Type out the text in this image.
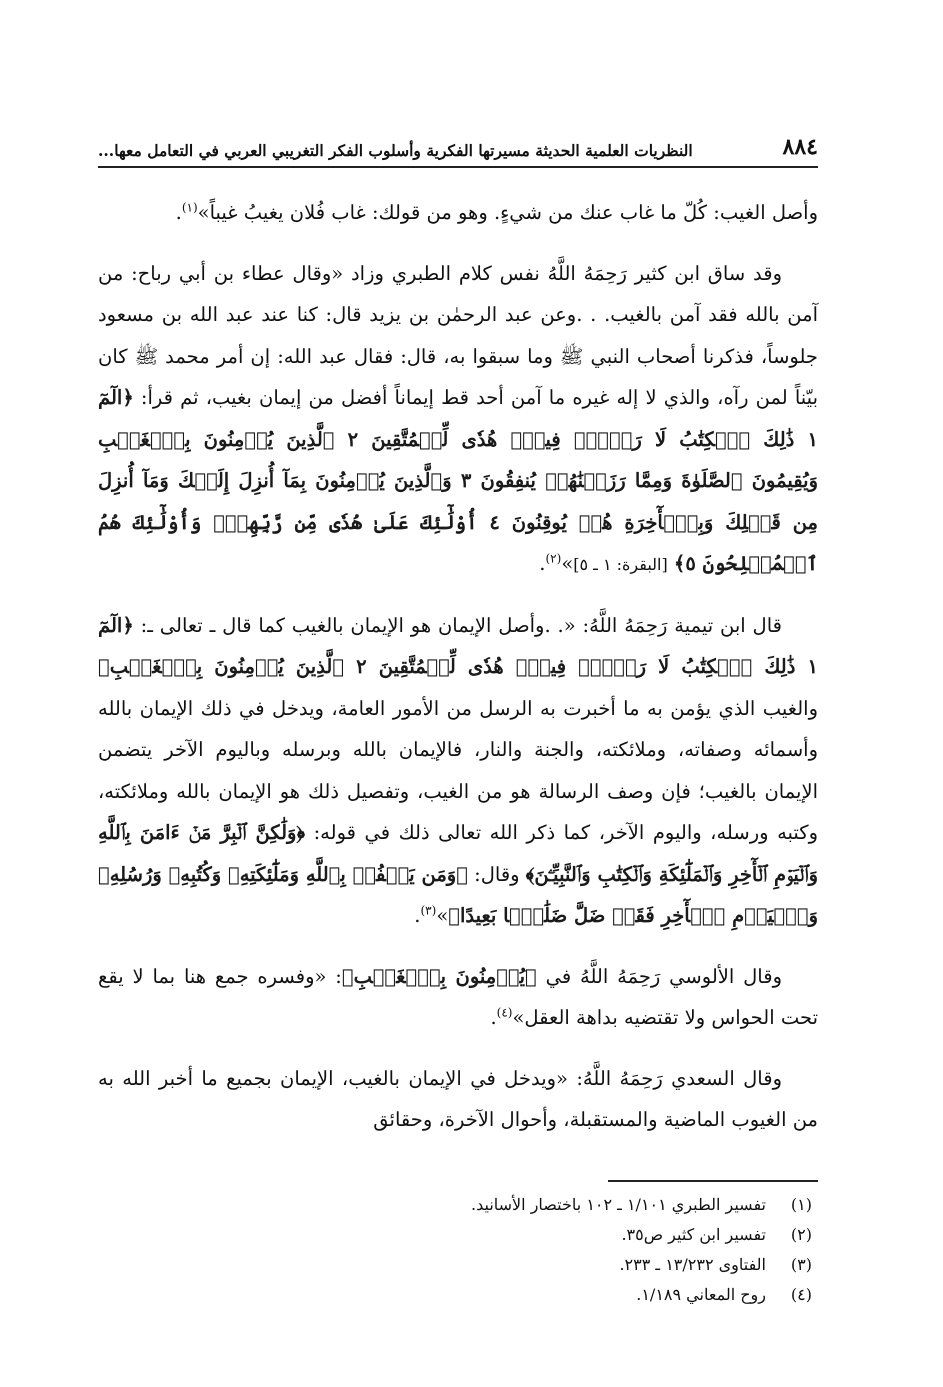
٨٨٤
النظريات العلمية الحديثة مسيرتها الفكرية وأسلوب الفكر التغريبي العربي في التعامل معها...

وأصل الغيب: كُلّ ما غاب عنك من شيءٍ. وهو من قولك: غاب فُلان يغيبُ غيباً»$^{(١)}$.

وقد ساق ابن كثير رَحِمَهُ اللَّهُ نفس كلام الطبري وزاد «وقال عطاء بن أبي رباح: من آمن بالله فقد آمن بالغيب. . .وعن عبد الرحمٰن بن يزيد قال: كنا عند عبد الله بن مسعود جلوساً، فذكرنا أصحاب النبي ﷺ وما سبقوا به، قال: فقال عبد الله: إن أمر محمد ﷺ كان بيّناً لمن رآه، والذي لا إله غيره ما آمن أحد قط إيماناً أفضل من إيمان بغيب، ثم قرأ: ﴿الٓمٓ ١ ذَٰلِكَ ٱلۡكِتَٰبُ لَا رَيۡبَۛ فِيهِۛ هُدٗى لِّلۡمُتَّقِينَ ٢ ٱلَّذِينَ يُؤۡمِنُونَ بِٱلۡغَيۡبِ وَيُقِيمُونَ ٱلصَّلَوٰةَ وَمِمَّا رَزَقۡنَٰهُمۡ يُنفِقُونَ ٣ وَٱلَّذِينَ يُؤۡمِنُونَ بِمَآ أُنزِلَ إِلَيۡكَ وَمَآ أُنزِلَ مِن قَبۡلِكَ وَبِٱلۡأٓخِرَةِ هُمۡ يُوقِنُونَ ٤ أُوْلَٰٓئِكَ عَلَىٰ هُدٗى مِّن رَّبِّهِمۡۖ وَأُوْلَٰٓئِكَ هُمُ ٱلۡمُفۡلِحُونَ ٥﴾ [البقرة: ١ ـ ٥]»$^{(٢)}$.

قال ابن تيمية رَحِمَهُ اللَّهُ: «. .وأصل الإيمان هو الإيمان بالغيب كما قال ـ تعالى ـ: ﴿الٓمٓ ١ ذَٰلِكَ ٱلۡكِتَٰبُ لَا رَيۡبَۛ فِيهِۛ هُدٗى لِّلۡمُتَّقِينَ ٢ ٱلَّذِينَ يُؤۡمِنُونَ بِٱلۡغَيۡبِ﴾ والغيب الذي يؤمن به ما أخبرت به الرسل من الأمور العامة، ويدخل في ذلك الإيمان بالله وأسمائه وصفاته، وملائكته، والجنة والنار، فالإيمان بالله وبرسله وباليوم الآخر يتضمن الإيمان بالغيب؛ فإن وصف الرسالة هو من الغيب، وتفصيل ذلك هو الإيمان بالله وملائكته، وكتبه ورسله، واليوم الآخر، كما ذكر الله تعالى ذلك في قوله: ﴿وَلَٰكِنَّ ٱلۡبِرَّ مَنۡ ءَامَنَ بِٱللَّهِ وَٱلۡيَوۡمِ ٱلۡأٓخِرِ وَٱلۡمَلَٰٓئِكَةِ وَٱلۡكِتَٰبِ وَٱلنَّبِيِّـۧنَ﴾ وقال: ﴿وَمَن يَكۡفُرۡ بِٱللَّهِ وَمَلَٰٓئِكَتِهِۦ وَكُتُبِهِۦ وَرُسُلِهِۦ وَٱلۡيَوۡمِ ٱلۡأٓخِرِ فَقَدۡ ضَلَّ ضَلَٰلَۢا بَعِيدًا﴾»$^{(٣)}$.

وقال الألوسي رَحِمَهُ اللَّهُ في ﴿يُؤۡمِنُونَ بِٱلۡغَيۡبِ﴾: «وفسره جمع هنا بما لا يقع تحت الحواس ولا تقتضيه بداهة العقل»$^{(٤)}$.

وقال السعدي رَحِمَهُ اللَّهُ: «ويدخل في الإيمان بالغيب، الإيمان بجميع ما أخبر الله به من الغيوب الماضية والمستقبلة، وأحوال الآخرة، وحقائق

(١)
تفسير الطبري ١/١٠١ ـ ١٠٢ باختصار الأسانيد.
(٢)
تفسير ابن كثير ص٣٥.
(٣)
الفتاوى ١٣/٢٣٢ ـ ٢٣٣.
(٤)
روح المعاني ١/١٨٩.
